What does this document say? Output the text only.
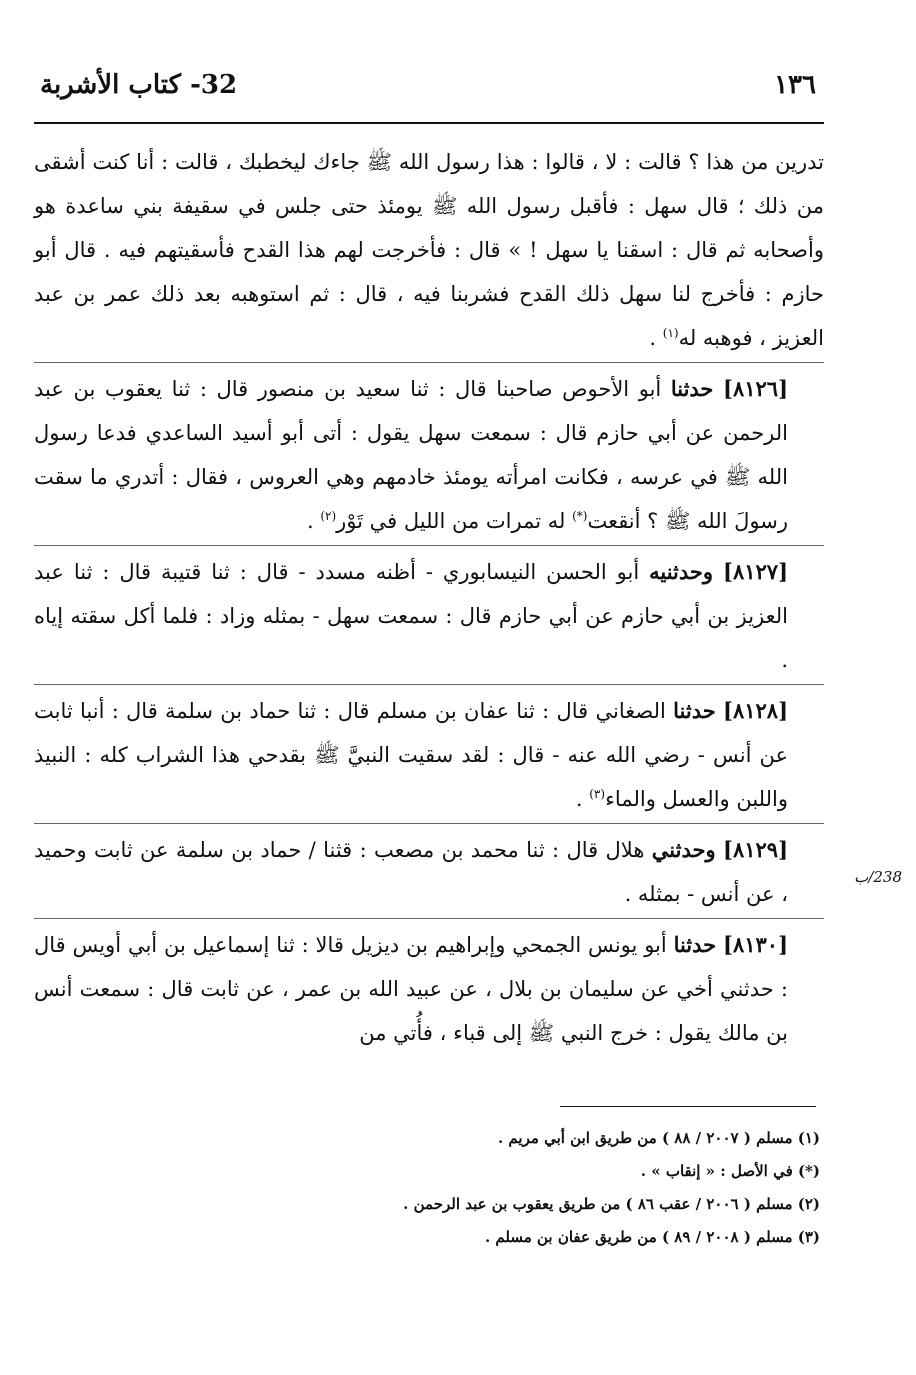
١٣٦
32- كتاب الأشربة

تدرين من هذا ؟ قالت : لا ، قالوا : هذا رسول الله ﷺ جاءك ليخطبك ، قالت : أنا كنت أشقى من ذلك ؛ قال سهل : فأقبل رسول الله ﷺ يومئذ حتى جلس في سقيفة بني ساعدة هو وأصحابه ثم قال : اسقنا يا سهل ! » قال : فأخرجت لهم هذا القدح فأسقيتهم فيه . قال أبو حازم : فأخرج لنا سهل ذلك القدح فشربنا فيه ، قال : ثم استوهبه بعد ذلك عمر بن عبد العزيز ، فوهبه له$^{(١)}$ .

[٨١٢٦] حدثنا أبو الأحوص صاحبنا قال : ثنا سعيد بن منصور قال : ثنا يعقوب بن عبد الرحمن عن أبي حازم قال : سمعت سهل يقول : أتى أبو أسيد الساعدي فدعا رسول الله ﷺ في عرسه ، فكانت امرأته يومئذ خادمهم وهي العروس ، فقال : أتدري ما سقت رسولَ الله ﷺ ؟ أنقعت(*) له تمرات من الليل في تَوْر$^{(٢)}$ .

[٨١٢٧] وحدثنيه أبو الحسن النيسابوري - أظنه مسدد - قال : ثنا قتيبة قال : ثنا عبد العزيز بن أبي حازم عن أبي حازم قال : سمعت سهل - بمثله وزاد : فلما أكل سقته إياه .

[٨١٢٨] حدثنا الصغاني قال : ثنا عفان بن مسلم قال : ثنا حماد بن سلمة قال : أنبا ثابت عن أنس - رضي الله عنه - قال : لقد سقيت النبيَّ ﷺ بقدحي هذا الشراب كله : النبيذ واللبن والعسل والماء$^{(٣)}$ .

[٨١٢٩] وحدثني هلال قال : ثنا محمد بن مصعب : قثنا / حماد بن سلمة عن ثابت وحميد ، عن أنس - بمثله .

[٨١٣٠] حدثنا أبو يونس الجمحي وإبراهيم بن ديزيل قالا : ثنا إسماعيل بن أبي أويس قال : حدثني أخي عن سليمان بن بلال ، عن عبيد الله بن عمر ، عن ثابت قال : سمعت أنس بن مالك يقول : خرج النبي ﷺ إلى قباء ، فأُتي من

238/ب

(١) مسلم ( ٢٠٠٧ / ٨٨ ) من طريق ابن أبي مريم .

(*) في الأصل : « إنقاب » .

(٢) مسلم ( ٢٠٠٦ / عقب ٨٦ ) من طريق يعقوب بن عبد الرحمن .

(٣) مسلم ( ٢٠٠٨ / ٨٩ ) من طريق عفان بن مسلم .
